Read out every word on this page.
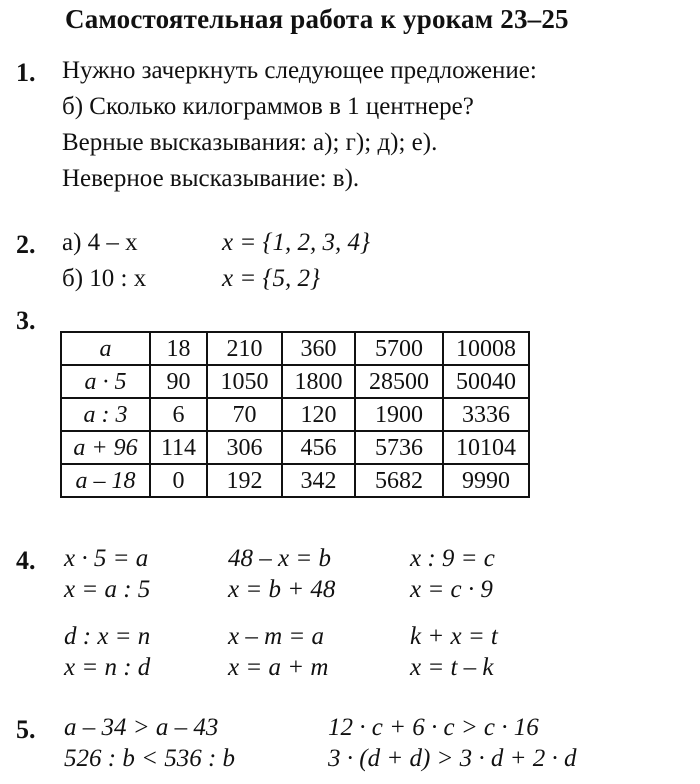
Самостоятельная работа к урокам 23–25
1. Нужно зачеркнуть следующее предложение:
б) Сколько килограммов в 1 центнере?
Верные высказывания: а); г); д); е).
Неверное высказывание: в).
2. а) 4 – x	x = {1, 2, 3, 4}
б) 10 : x	x = {5, 2}
3.
a	18	210	360	5700	10008
a · 5	90	1050	1800	28500	50040
a : 3	6	70	120	1900	3336
a + 96	114	306	456	5736	10104
a – 18	0	192	342	5682	9990
4. x · 5 = a	48 – x = b	x : 9 = c
x = a : 5	x = b + 48	x = c · 9
d : x = n	x – m = a	k + x = t
x = n : d	x = a + m	x = t – k
5. a – 34 > a – 43	12 · c + 6 · c > c · 16
526 : b < 536 : b	3 · (d + d) > 3 · d + 2 · d
